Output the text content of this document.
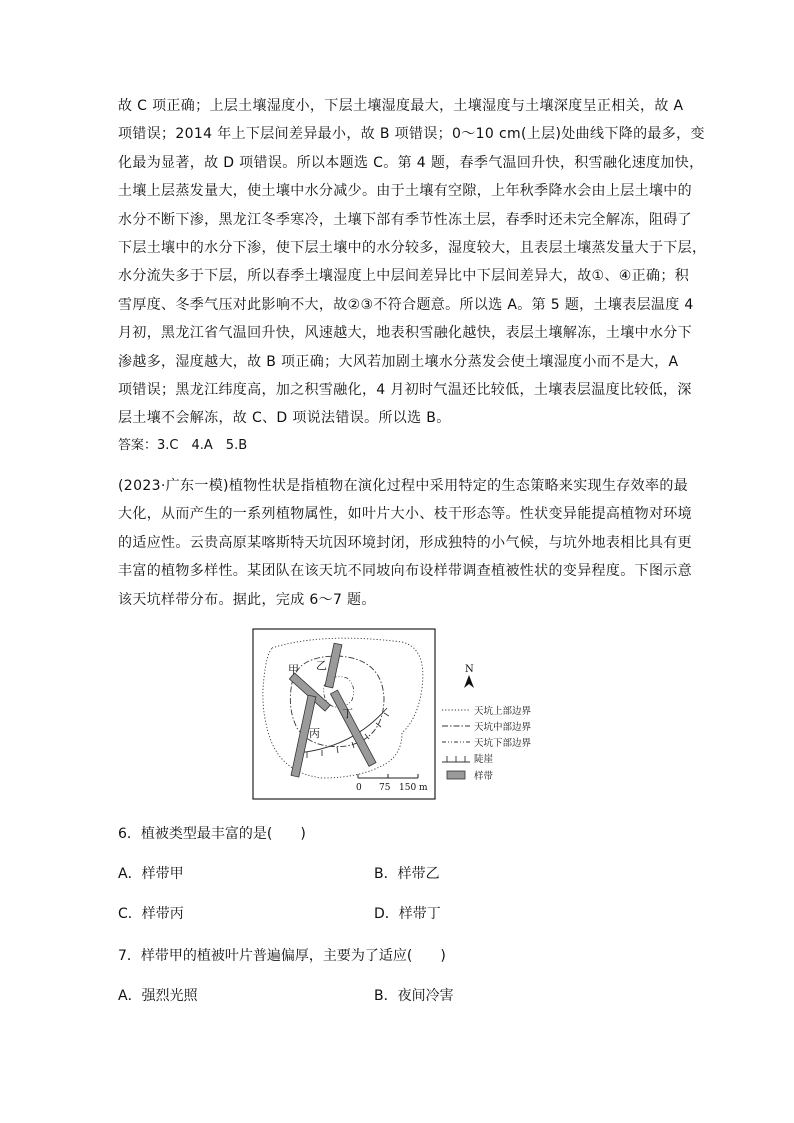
故 C 项正确；上层土壤湿度小，下层土壤湿度最大，土壤湿度与土壤深度呈正相关，故 A
项错误；2014 年上下层间差异最小，故 B 项错误；0～10 cm(上层)处曲线下降的最多，变
化最为显著，故 D 项错误。所以本题选 C。第 4 题，春季气温回升快，积雪融化速度加快，
土壤上层蒸发量大，使土壤中水分减少。由于土壤有空隙，上年秋季降水会由上层土壤中的
水分不断下渗，黑龙江冬季寒冷，土壤下部有季节性冻土层，春季时还未完全解冻，阻碍了
下层土壤中的水分下渗，使下层土壤中的水分较多，湿度较大，且表层土壤蒸发量大于下层，
水分流失多于下层，所以春季土壤湿度上中层间差异比中下层间差异大，故①、④正确；积
雪厚度、冬季气压对此影响不大，故②③不符合题意。所以选 A。第 5 题，土壤表层温度 4
月初，黑龙江省气温回升快，风速越大，地表积雪融化越快，表层土壤解冻，土壤中水分下
渗越多，湿度越大，故 B 项正确；大风若加剧土壤水分蒸发会使土壤湿度小而不是大，A
项错误；黑龙江纬度高，加之积雪融化，4 月初时气温还比较低，土壤表层温度比较低，深
层土壤不会解冻，故 C、D 项说法错误。所以选 B。
答案：3.C　4.A　5.B
(2023·广东一模)植物性状是指植物在演化过程中采用特定的生态策略来实现生存效率的最
大化，从而产生的一系列植物属性，如叶片大小、枝干形态等。性状变异能提高植物对环境
的适应性。云贵高原某喀斯特天坑因环境封闭，形成独特的小气候，与坑外地表相比具有更
丰富的植物多样性。某团队在该天坑不同坡向布设样带调查植被性状的变异程度。下图示意
该天坑样带分布。据此，完成 6～7 题。
甲 乙
丙
丁
0 75 150 m
N
天坑上部边界
天坑中部边界
天坑下部边界
陡崖
样带
6．植被类型最丰富的是(　　)
A．样带甲	B．样带乙
C．样带丙	D．样带丁
7．样带甲的植被叶片普遍偏厚，主要为了适应(　　)
A．强烈光照	B．夜间冷害
